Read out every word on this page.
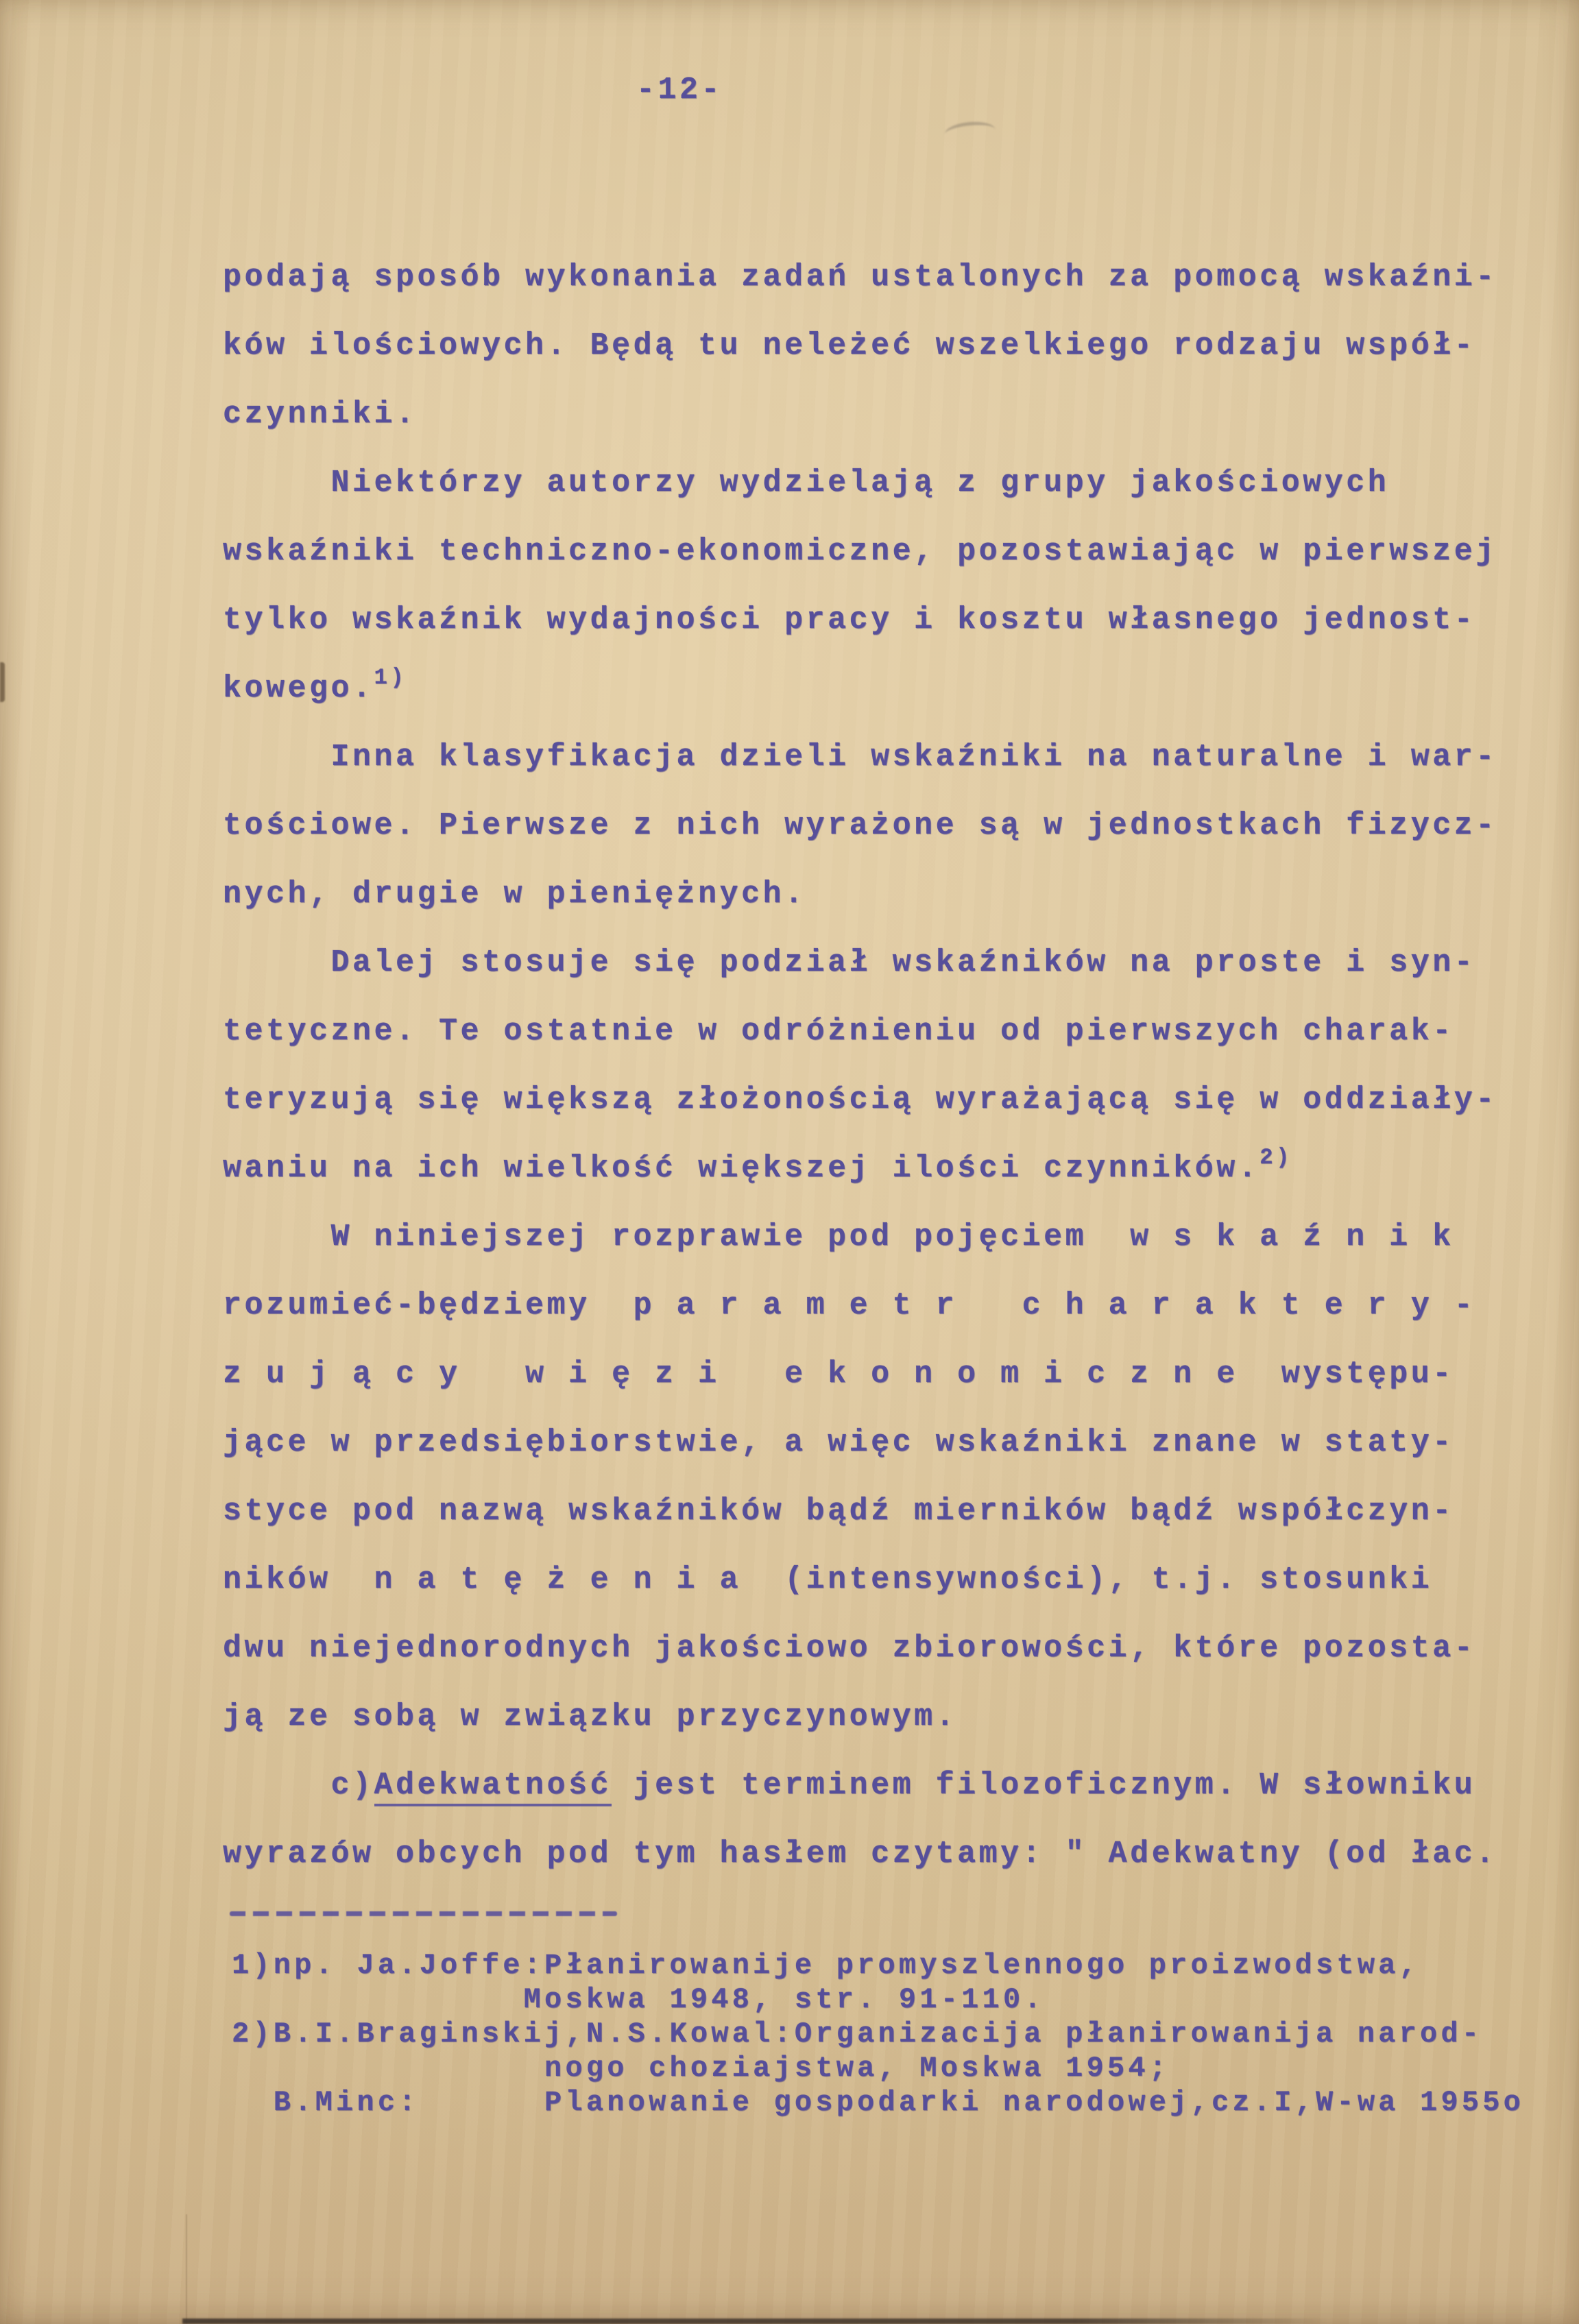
-12-
podają sposób wykonania zadań ustalonych za pomocą wskaźni-
ków ilościowych. Będą tu neleżeć wszelkiego rodzaju współ-
czynniki.
Niektórzy autorzy wydzielają z grupy jakościowych
wskaźniki techniczno-ekonomiczne, pozostawiając w pierwszej
tylko wskaźnik wydajności pracy i kosztu własnego jednost-
kowego.$^{1)}$
Inna klasyfikacja dzieli wskaźniki na naturalne i war-
tościowe. Pierwsze z nich wyrażone są w jednostkach fizycz-
nych, drugie w pieniężnych.
Dalej stosuje się podział wskaźników na proste i syn-
tetyczne. Te ostatnie w odróżnieniu od pierwszych charak-
teryzują się większą złożonością wyrażającą się w oddziały-
waniu na ich wielkość większej ilości czynników.$^{2)}$
W niniejszej rozprawie pod pojęciem  w s k a ź n i k
rozumieć-będziemy  p a r a m e t r   c h a r a k t e r y -
z u j ą c y   w i ę z i   e k o n o m i c z n e  występu-
jące w przedsiębiorstwie, a więc wskaźniki znane w staty-
styce pod nazwą wskaźników bądź mierników bądź współczyn-
ników  n a t ę ż e n i a  (intensywności), t.j. stosunki
dwu niejednorodnych jakościowo zbiorowości, które pozosta-
ją ze sobą w związku przyczynowym.
c)Adekwatność jest terminem filozoficznym. W słowniku
wyrazów obcych pod tym hasłem czytamy: " Adekwatny (od łac.
1)np. Ja.Joffe:Płanirowanije promyszlennogo proizwodstwa,
Moskwa 1948, str. 91-110.
2)B.I.Braginskij,N.S.Kowal:Organizacija płanirowanija narod-
nogo choziajstwa, Moskwa 1954;
B.Minc:      Planowanie gospodarki narodowej,cz.I,W-wa 1955o
